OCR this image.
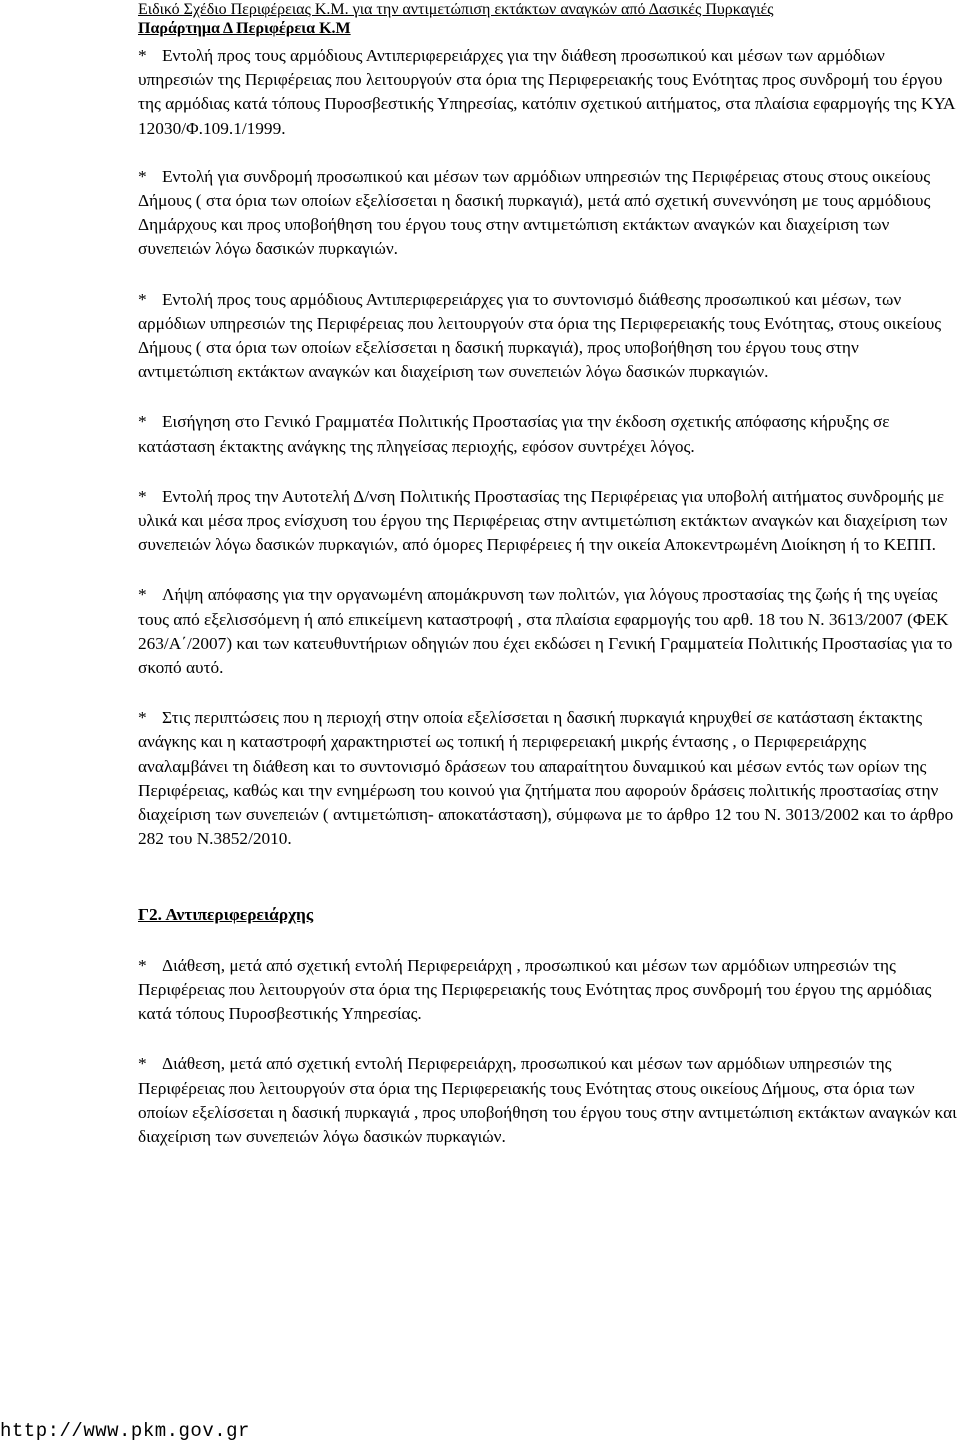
Ειδικό Σχέδιο Περιφέρειας Κ.Μ. για την αντιμετώπιση εκτάκτων αναγκών από Δασικές Πυρκαγιές
Παράρτημα Δ Περιφέρεια Κ.Μ

* Εντολή προς τους αρμόδιους Αντιπεριφερειάρχες για την διάθεση προσωπικού και μέσων των αρμόδιων υπηρεσιών της Περιφέρειας που λειτουργούν στα όρια της Περιφερειακής τους Ενότητας προς συνδρομή του έργου της αρμόδιας κατά τόπους Πυροσβεστικής Υπηρεσίας, κατόπιν σχετικού αιτήματος, στα πλαίσια εφαρμογής της ΚΥΑ 12030/Φ.109.1/1999.

* Εντολή για συνδρομή προσωπικού και μέσων των αρμόδιων υπηρεσιών της Περιφέρειας στους στους οικείους Δήμους ( στα όρια των οποίων εξελίσσεται η δασική πυρκαγιά), μετά από σχετική συνεννόηση με τους αρμόδιους Δημάρχους και προς υποβοήθηση του έργου τους στην αντιμετώπιση εκτάκτων αναγκών και διαχείριση των συνεπειών λόγω δασικών πυρκαγιών.

* Εντολή προς τους αρμόδιους Αντιπεριφερειάρχες για το συντονισμό διάθεσης προσωπικού και μέσων, των αρμόδιων υπηρεσιών της Περιφέρειας που λειτουργούν στα όρια της Περιφερειακής τους Ενότητας, στους οικείους Δήμους ( στα όρια των οποίων εξελίσσεται η δασική πυρκαγιά), προς υποβοήθηση του έργου τους στην αντιμετώπιση εκτάκτων αναγκών και διαχείριση των συνεπειών λόγω δασικών πυρκαγιών.

* Εισήγηση στο Γενικό Γραμματέα Πολιτικής Προστασίας για την έκδοση σχετικής απόφασης κήρυξης σε κατάσταση έκτακτης ανάγκης της πληγείσας περιοχής, εφόσον συντρέχει λόγος.

* Εντολή προς την Αυτοτελή Δ/νση Πολιτικής Προστασίας της Περιφέρειας για υποβολή αιτήματος συνδρομής με υλικά και μέσα προς ενίσχυση του έργου της Περιφέρειας στην αντιμετώπιση εκτάκτων αναγκών και διαχείριση των συνεπειών λόγω δασικών πυρκαγιών, από όμορες Περιφέρειες ή την οικεία Αποκεντρωμένη Διοίκηση ή το ΚΕΠΠ.

* Λήψη απόφασης για την οργανωμένη απομάκρυνση των πολιτών, για λόγους προστασίας της ζωής ή της υγείας τους από εξελισσόμενη ή από επικείμενη καταστροφή , στα πλαίσια εφαρμογής του αρθ. 18 του Ν. 3613/2007 (ΦΕΚ 263/Α΄/2007) και των κατευθυντήριων οδηγιών που έχει εκδώσει η Γενική Γραμματεία Πολιτικής Προστασίας για το σκοπό αυτό.

* Στις περιπτώσεις που η περιοχή στην οποία εξελίσσεται η δασική πυρκαγιά κηρυχθεί σε κατάσταση έκτακτης ανάγκης και η καταστροφή χαρακτηριστεί ως τοπική ή περιφερειακή μικρής έντασης , ο Περιφερειάρχης αναλαμβάνει τη διάθεση και το συντονισμό δράσεων του απαραίτητου δυναμικού και μέσων εντός των ορίων της Περιφέρειας, καθώς και την ενημέρωση του κοινού για ζητήματα που αφορούν δράσεις πολιτικής προστασίας στην διαχείριση των συνεπειών ( αντιμετώπιση- αποκατάσταση), σύμφωνα με το άρθρο 12 του Ν. 3013/2002 και το άρθρο 282 του Ν.3852/2010.

Γ2. Αντιπεριφερειάρχης

* Διάθεση, μετά από σχετική εντολή Περιφερειάρχη , προσωπικού και μέσων των αρμόδιων υπηρεσιών της Περιφέρειας που λειτουργούν στα όρια της Περιφερειακής τους Ενότητας προς συνδρομή του έργου της αρμόδιας κατά τόπους Πυροσβεστικής Υπηρεσίας.

* Διάθεση, μετά από σχετική εντολή Περιφερειάρχη, προσωπικού και μέσων των αρμόδιων υπηρεσιών της Περιφέρειας που λειτουργούν στα όρια της Περιφερειακής τους Ενότητας στους οικείους Δήμους, στα όρια των οποίων εξελίσσεται η δασική πυρκαγιά , προς υποβοήθηση του έργου τους στην αντιμετώπιση εκτάκτων αναγκών και διαχείριση των συνεπειών λόγω δασικών πυρκαγιών.

http://www.pkm.gov.gr
